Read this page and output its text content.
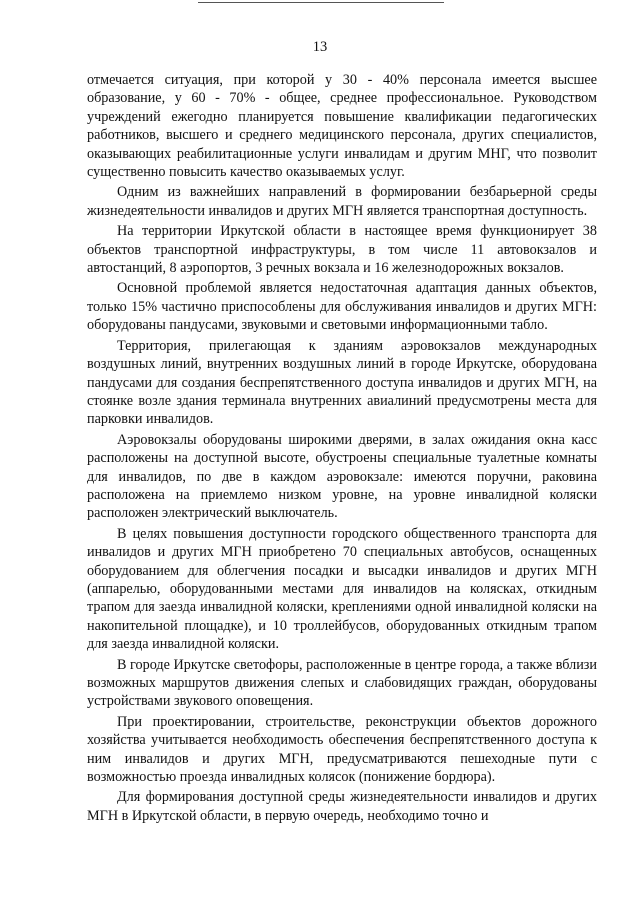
13

отмечается ситуация, при которой у 30 - 40% персонала имеется высшее образование, у 60 - 70% - общее, среднее профессиональное. Руководством учреждений ежегодно планируется повышение квалификации педагогических работников, высшего и среднего медицинского персонала, других специалистов, оказывающих реабилитационные услуги инвалидам и другим МНГ, что позволит существенно повысить качество оказываемых услуг.

Одним из важнейших направлений в формировании безбарьерной среды жизнедеятельности инвалидов и других МГН является транспортная доступность.

На территории Иркутской области в настоящее время функционирует 38 объектов транспортной инфраструктуры, в том числе 11 автовокзалов и автостанций, 8 аэропортов, 3 речных вокзала и 16 железнодорожных вокзалов.

Основной проблемой является недостаточная адаптация данных объектов, только 15% частично приспособлены для обслуживания инвалидов и других МГН: оборудованы пандусами, звуковыми и световыми информационными табло.

Территория, прилегающая к зданиям аэровокзалов международных воздушных линий, внутренних воздушных линий в городе Иркутске, оборудована пандусами для создания беспрепятственного доступа инвалидов и других МГН, на стоянке возле здания терминала внутренних авиалиний предусмотрены места для парковки инвалидов.

Аэровокзалы оборудованы широкими дверями, в залах ожидания окна касс расположены на доступной высоте, обустроены специальные туалетные комнаты для инвалидов, по две в каждом аэровокзале: имеются поручни, раковина расположена на приемлемо низком уровне, на уровне инвалидной коляски расположен электрический выключатель.

В целях повышения доступности городского общественного транспорта для инвалидов и других МГН приобретено 70 специальных автобусов, оснащенных оборудованием для облегчения посадки и высадки инвалидов и других МГН (аппарелью, оборудованными местами для инвалидов на колясках, откидным трапом для заезда инвалидной коляски, креплениями одной инвалидной коляски на накопительной площадке), и 10 троллейбусов, оборудованных откидным трапом для заезда инвалидной коляски.

В городе Иркутске светофоры, расположенные в центре города, а также вблизи возможных маршрутов движения слепых и слабовидящих граждан, оборудованы устройствами звукового оповещения.

При проектировании, строительстве, реконструкции объектов дорожного хозяйства учитывается необходимость обеспечения беспрепятственного доступа к ним инвалидов и других МГН, предусматриваются пешеходные пути с возможностью проезда инвалидных колясок (понижение бордюра).

Для формирования доступной среды жизнедеятельности инвалидов и других МГН в Иркутской области, в первую очередь, необходимо точно и
